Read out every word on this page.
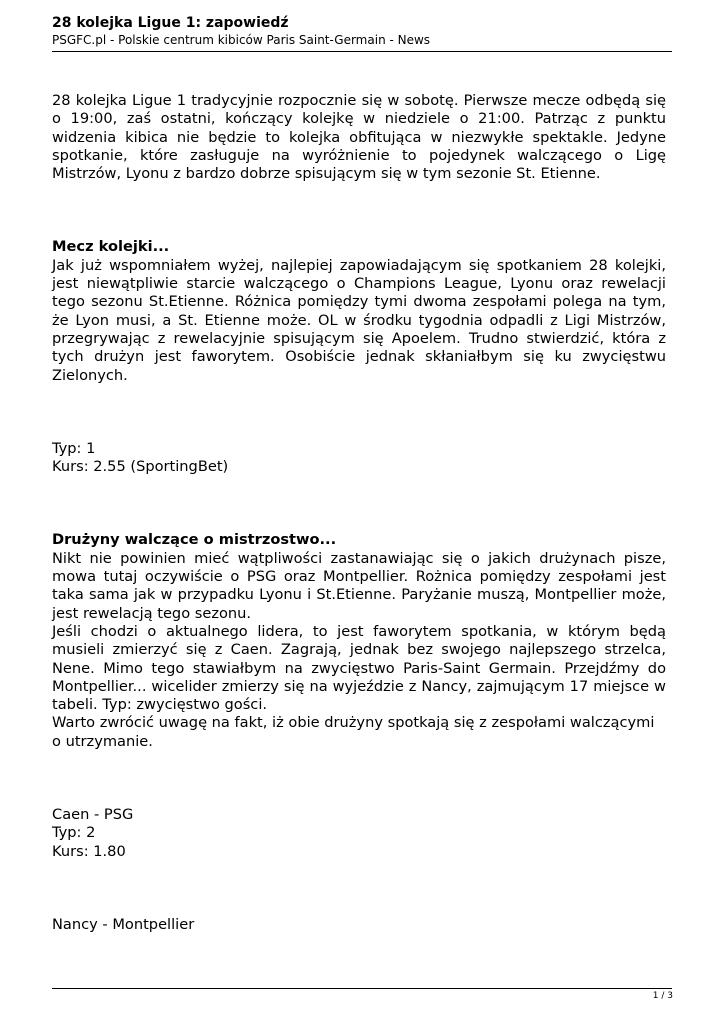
28 kolejka Ligue 1: zapowiedź

PSGFC.pl - Polskie centrum kibiców Paris Saint-Germain - News

28 kolejka Ligue 1 tradycyjnie rozpocznie się w sobotę. Pierwsze mecze odbędą się o 19:00, zaś ostatni, kończący kolejkę w niedziele o 21:00. Patrząc z punktu widzenia kibica nie będzie to kolejka obfitująca w niezwykłe spektakle. Jedyne spotkanie, które zasługuje na wyróżnienie to pojedynek walczącego o Ligę Mistrzów, Lyonu z bardzo dobrze spisującym się w tym sezonie St. Etienne.

Mecz kolejki...

Jak już wspomniałem wyżej, najlepiej zapowiadającym się spotkaniem 28 kolejki, jest niewątpliwie starcie walczącego o Champions League, Lyonu oraz rewelacji tego sezonu St.Etienne. Różnica pomiędzy tymi dwoma zespołami polega na tym, że Lyon musi, a St. Etienne może. OL w środku tygodnia odpadli z Ligi Mistrzów, przegrywając z rewelacyjnie spisującym się Apoelem. Trudno stwierdzić, która z tych drużyn jest faworytem. Osobiście jednak skłaniałbym się ku zwycięstwu Zielonych.

Typ: 1

Kurs: 2.55 (SportingBet)

Drużyny walczące o mistrzostwo...

Nikt nie powinien mieć wątpliwości zastanawiając się o jakich drużynach pisze, mowa tutaj oczywiście o PSG oraz Montpellier. Rożnica pomiędzy zespołami jest taka sama jak w przypadku Lyonu i St.Etienne. Paryżanie muszą, Montpellier może, jest rewelacją tego sezonu.

Jeśli chodzi o aktualnego lidera, to jest faworytem spotkania, w którym będą musieli zmierzyć się z Caen. Zagrają, jednak bez swojego najlepszego strzelca, Nene. Mimo tego stawiałbym na zwycięstwo Paris-Saint Germain. Przejdźmy do Montpellier... wicelider zmierzy się na wyjeździe z Nancy, zajmującym 17 miejsce w tabeli. Typ: zwycięstwo gości.

Warto zwrócić uwagę na fakt, iż obie drużyny spotkają się z zespołami walczącymi o utrzymanie.

Caen - PSG

Typ: 2

Kurs: 1.80

Nancy - Montpellier

1 / 3
